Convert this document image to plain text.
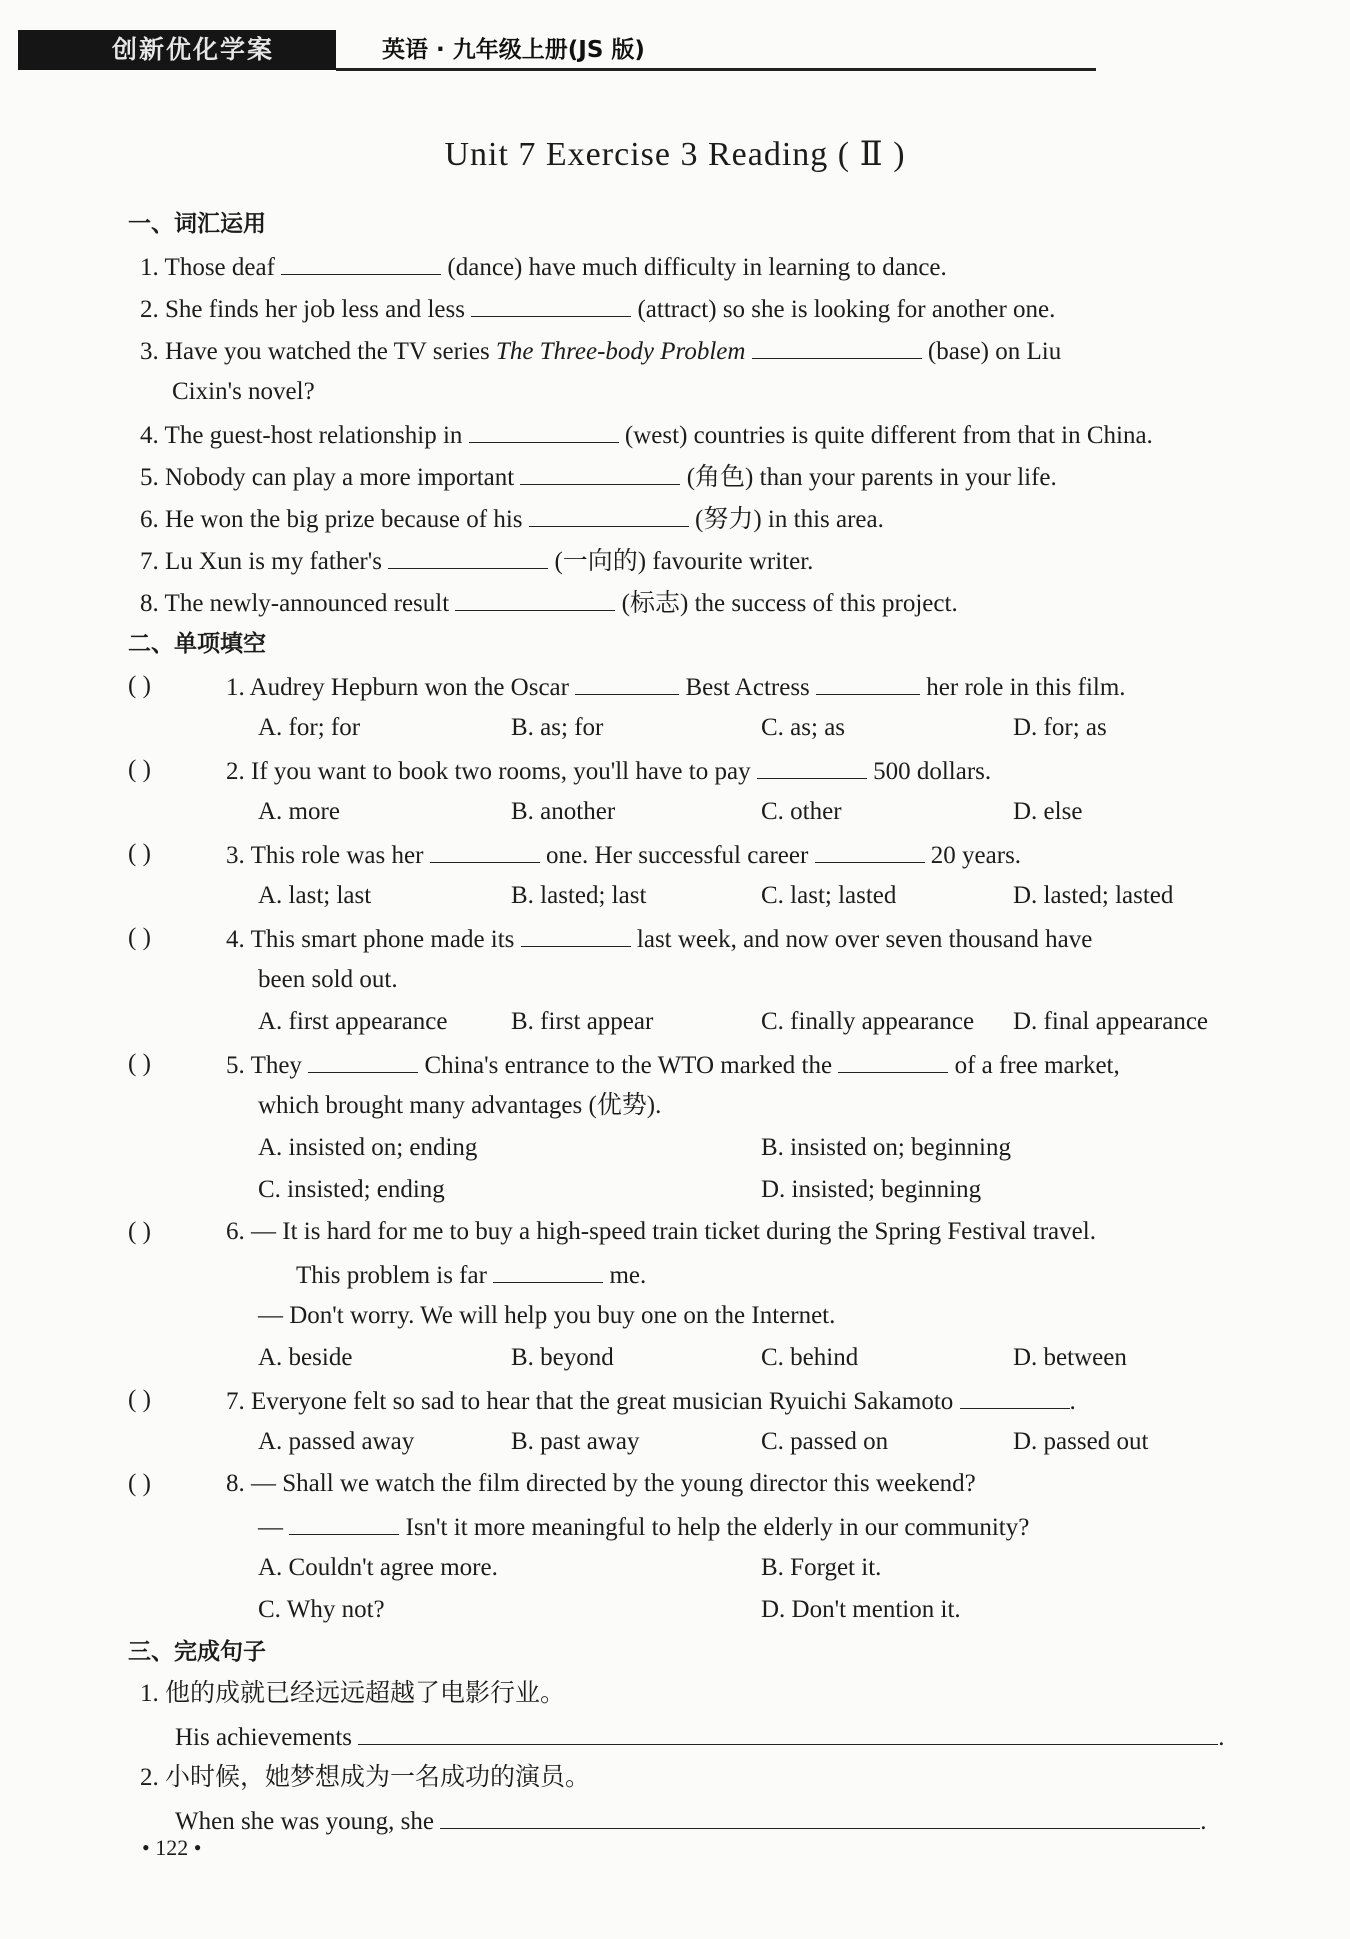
创新优化学案	英语 · 九年级上册(JS 版)
Unit 7 Exercise 3 Reading ( Ⅱ )
一、词汇运用
1. Those deaf	(dance) have much difficulty in learning to dance.
2. She finds her job less and less	(attract) so she is looking for another one.
3. Have you watched the TV series The Three-body Problem	(base) on Liu
Cixin's novel?
4. The guest-host relationship in	(west) countries is quite different from that in China.
5. Nobody can play a more important	(角色) than your parents in your life.
6. He won the big prize because of his	(努力) in this area.
7. Lu Xun is my father's	(一向的) favourite writer.
8. The newly-announced result	(标志) the success of this project.
二、单项填空
( )	1. Audrey Hepburn won the Oscar	Best Actress	her role in this film.
A. for; for	B. as; for	C. as; as	D. for; as
( )	2. If you want to book two rooms, you'll have to pay	500 dollars.
A. more	B. another	C. other	D. else
( )	3. This role was her	one. Her successful career	20 years.
A. last; last	B. lasted; last	C. last; lasted	D. lasted; lasted
( )	4. This smart phone made its	last week, and now over seven thousand have
been sold out.
A. first appearance	B. first appear	C. finally appearance D. final appearance
( )	5. They	China's entrance to the WTO marked the	of a free market,
which brought many advantages (优势).
A. insisted on; ending	B. insisted on; beginning
C. insisted; ending	D. insisted; beginning
( )	6. — It is hard for me to buy a high-speed train ticket during the Spring Festival travel.
This problem is far	me.
— Don't worry. We will help you buy one on the Internet.
A. beside	B. beyond	C. behind	D. between
( )	7. Everyone felt so sad to hear that the great musician Ryuichi Sakamoto	.
A. passed away	B. past away	C. passed on	D. passed out
( )	8. — Shall we watch the film directed by the young director this weekend?
—	Isn't it more meaningful to help the elderly in our community?
A. Couldn't agree more.	B. Forget it.
C. Why not?	D. Don't mention it.
三、完成句子
1. 他的成就已经远远超越了电影行业。
His achievements	.
2. 小时候，她梦想成为一名成功的演员。
When she was young, she	.
• 122 •
